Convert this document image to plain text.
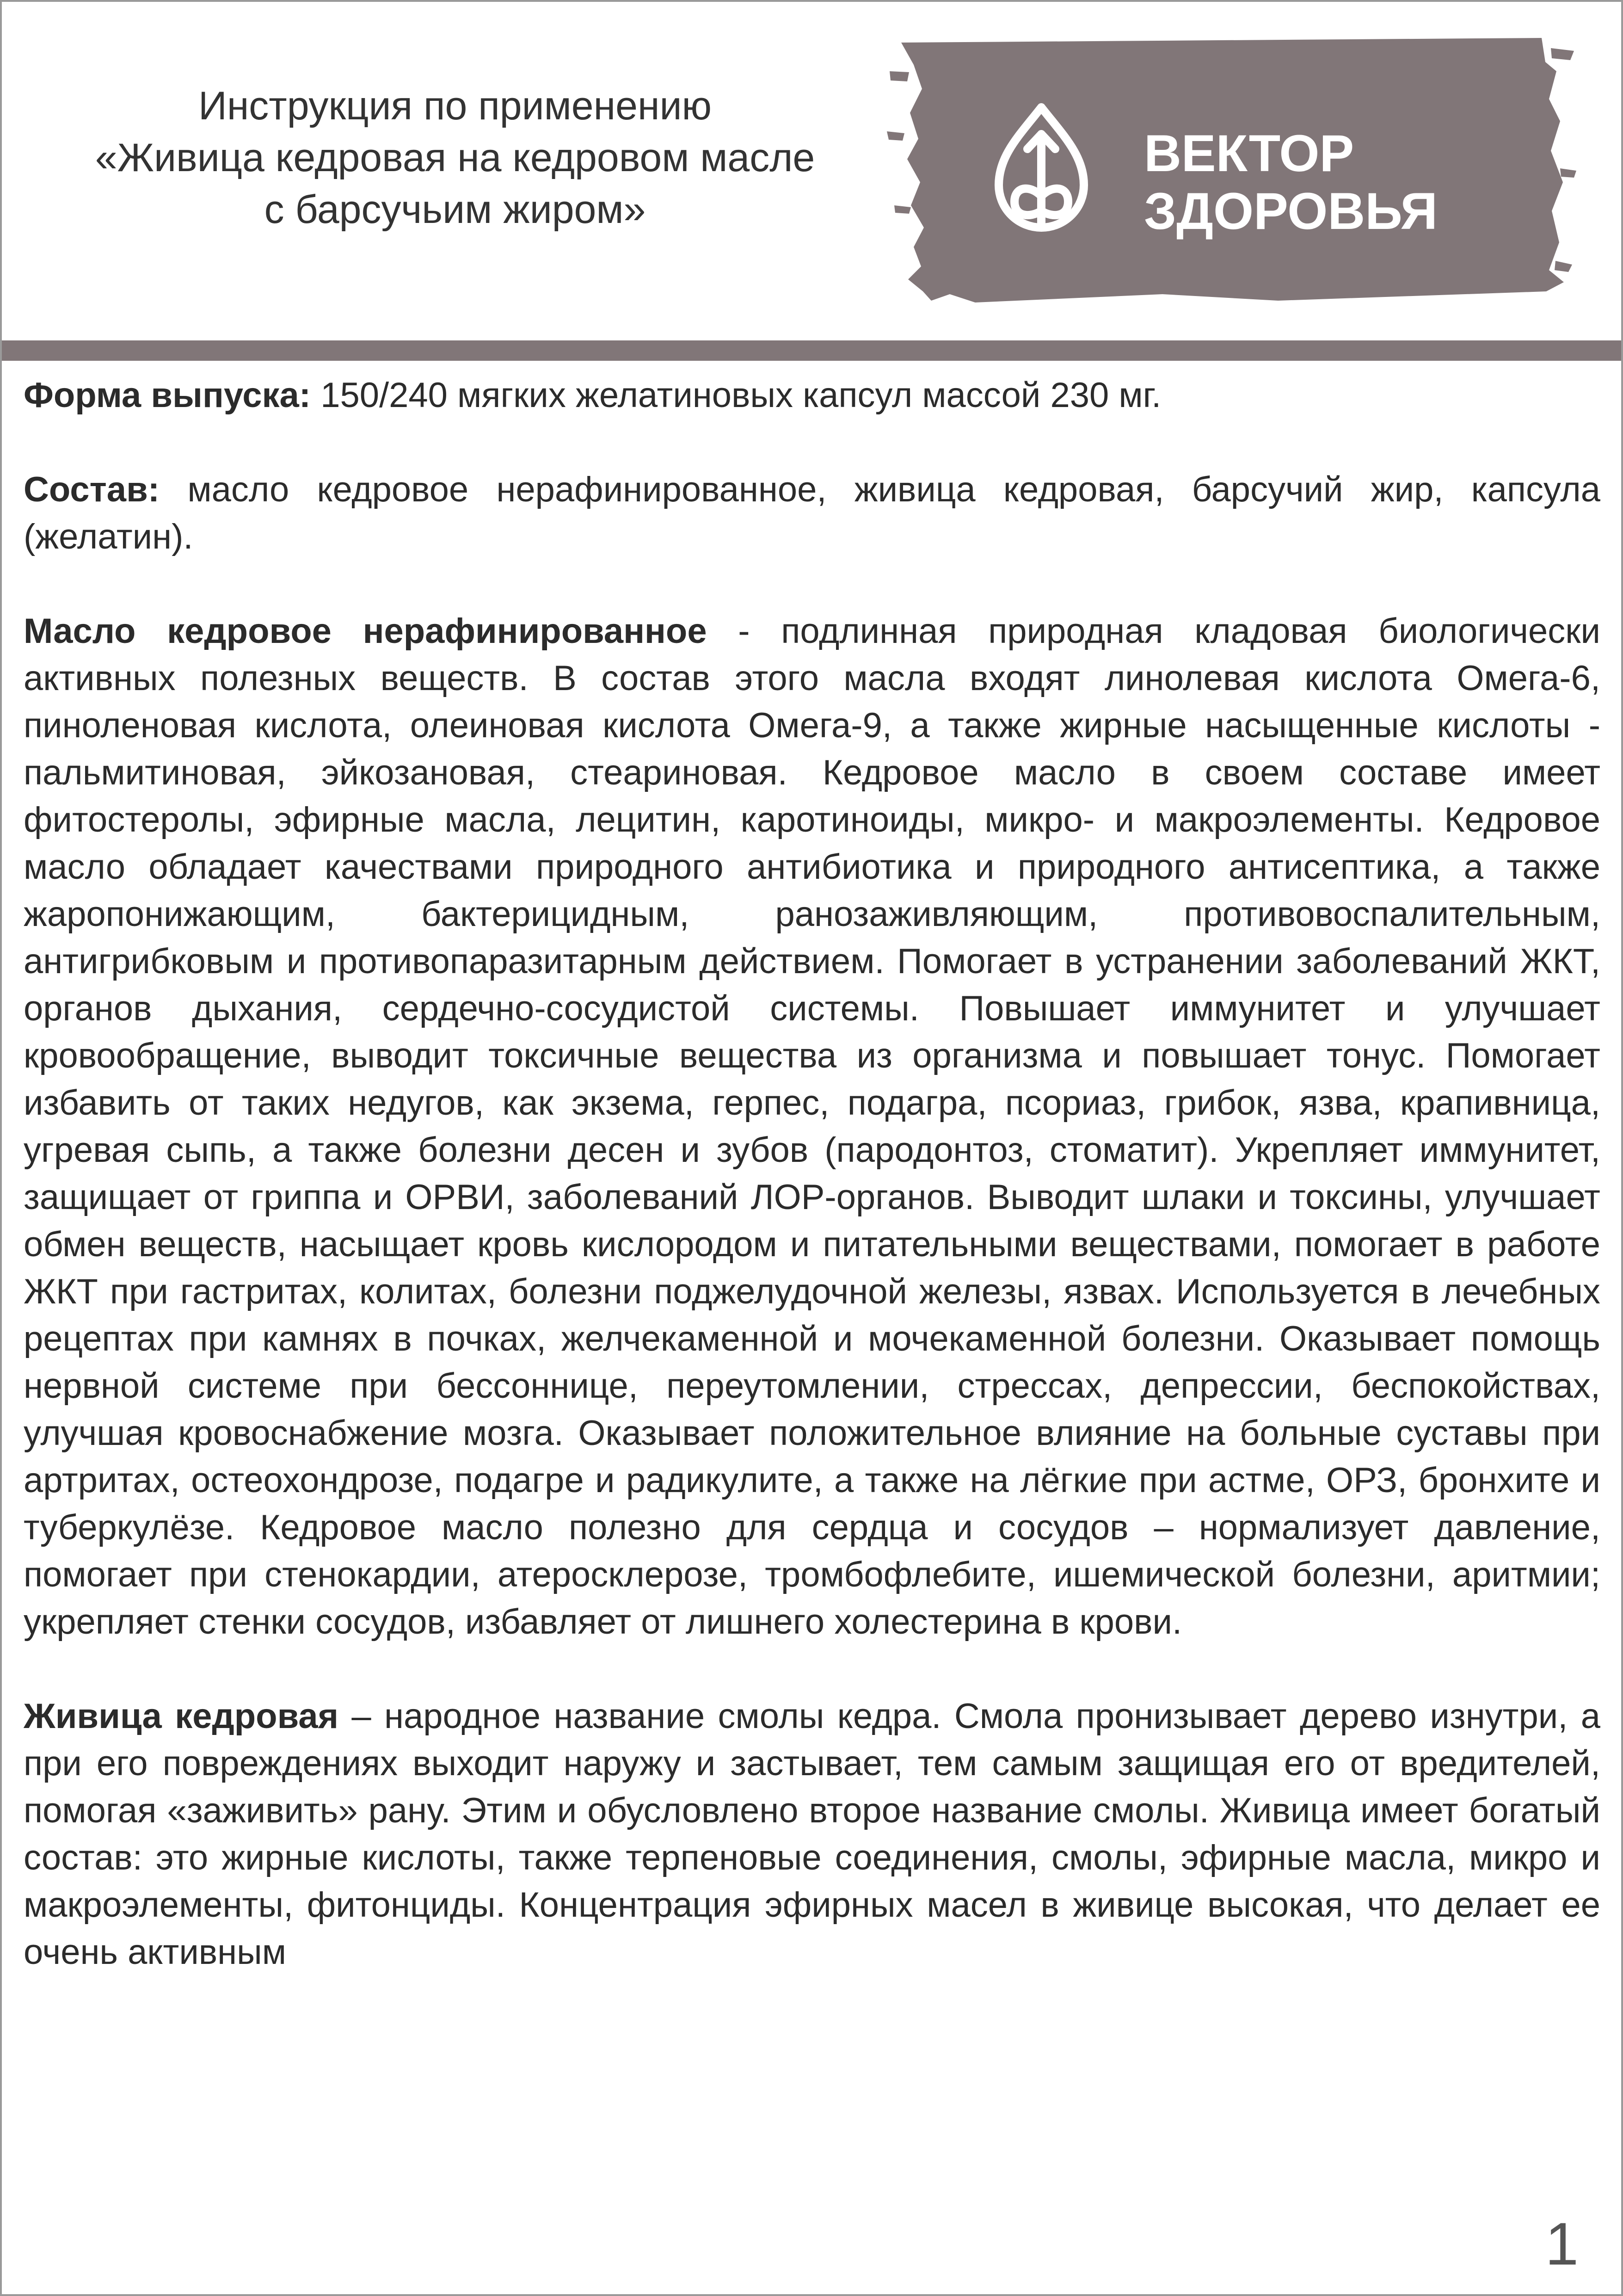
Инструкция по применению
«Живица кедровая на кедровом масле
с барсучьим жиром»
ВЕКТОР
ЗДОРОВЬЯ

Форма выпуска: 150/240 мягких желатиновых капсул массой 230 мг.

Состав: масло кедровое нерафинированное, живица кедровая, барсучий жир, капсула (желатин).

Масло кедровое нерафинированное - подлинная природная кладовая биологически активных полезных веществ. В состав этого масла входят линолевая кислота Омега-6, пиноленовая кислота, олеиновая кислота Омега-9, а также жирные насыщенные кислоты - пальмитиновая, эйкозановая, стеариновая. Кедровое масло в своем составе имеет фитостеролы, эфирные масла, лецитин, каротиноиды, микро- и макроэлементы. Кедровое масло обладает качествами природного антибиотика и природного антисептика, а также жаропонижающим, бактерицидным, ранозаживляющим, противовоспалительным, антигрибковым и противопаразитарным действием. Помогает в устранении заболеваний ЖКТ, органов дыхания, сердечно-сосудистой системы. Повышает иммунитет и улучшает кровообращение, выводит токсичные вещества из организма и повышает тонус. Помогает избавить от таких недугов, как экзема, герпес, подагра, псориаз, грибок, язва, крапивница, угревая сыпь, а также болезни десен и зубов (пародонтоз, стоматит). Укрепляет иммунитет, защищает от гриппа и ОРВИ, заболеваний ЛОР-органов. Выводит шлаки и токсины, улучшает обмен веществ, насыщает кровь кислородом и питательными веществами, помогает в работе ЖКТ при гастритах, колитах, болезни поджелудочной железы, язвах. Используется в лечебных рецептах при камнях в почках, желчекаменной и мочекаменной болезни. Оказывает помощь нервной системе при бессоннице, переутомлении, стрессах, депрессии, беспокойствах, улучшая кровоснабжение мозга. Оказывает положительное влияние на больные суставы при артритах, остеохондрозе, подагре и радикулите, а также на лёгкие при астме, ОРЗ, бронхите и туберкулёзе. Кедровое масло полезно для сердца и сосудов – нормализует давление, помогает при стенокардии, атеросклерозе, тромбофлебите, ишемической болезни, аритмии; укрепляет стенки сосудов, избавляет от лишнего холестерина в крови.

Живица кедровая – народное название смолы кедра. Смола пронизывает дерево изнутри, а при его повреждениях выходит наружу и застывает, тем самым защищая его от вредителей, помогая «заживить» рану. Этим и обусловлено второе название смолы. Живица имеет богатый состав: это жирные кислоты, также терпеновые соединения, смолы, эфирные масла, микро и макроэлементы, фитонциды. Концентрация эфирных масел в живице высокая, что делает ее очень активным

1
